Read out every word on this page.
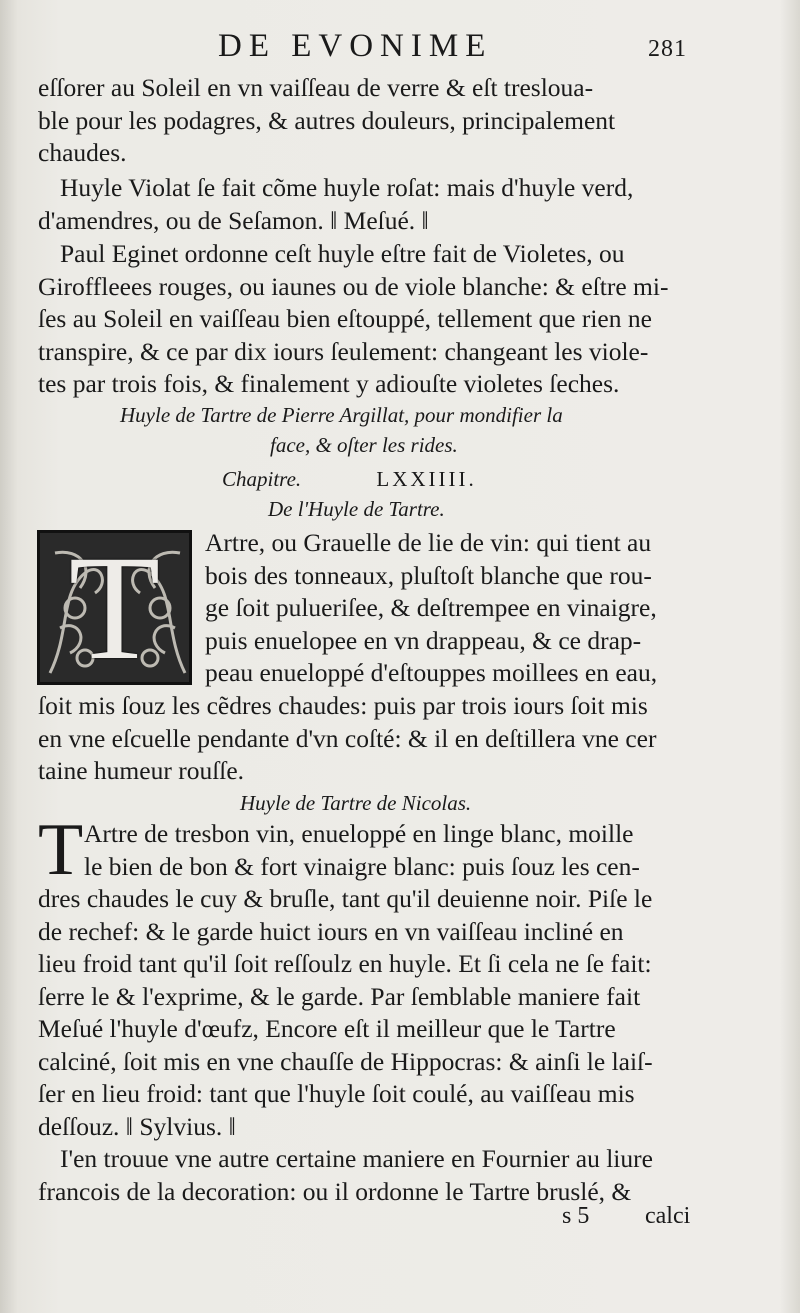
DE EVONIME	281
eſſorer au Soleil en vn vaiſſeau de verre & eſt treslouа-
ble pour les podagres, & autres douleurs, principalement
chaudes.
Huyle Violat ſe fait cõme huyle roſat: mais d'huyle verd,
d'amendres, ou de Seſamon. ‖ Meſué. ‖
Paul Eginet ordonne ceſt huyle eſtre fait de Violetes, ou
Giroffleees rouges, ou iaunes ou de viole blanche: & eſtre mi-
ſes au Soleil en vaiſſeau bien eſtouppé, tellement que rien ne
transpire, & ce par dix iours ſeulement: changeant les viole-
tes par trois fois, & finalement y adiouſte violetes ſeches.
Huyle de Tartre de Pierre Argillat, pour mondifier la
face, & oſter les rides.
Chapitre.	LXXIIII.
De l'Huyle de Tartre.
T Artre, ou Grauelle de lie de vin: qui tient au
bois des tonneaux, pluſtoſt blanche que rou-
ge ſoit pulueriſee, & deſtrempee en vinaigre,
puis enuelopee en vn drappeau, & ce drap-
peau enueloppé d'eſtouppes moillees en eau,
ſoit mis ſouz les cẽdres chaudes: puis par trois iours ſoit mis
en vne eſcuelle pendante d'vn coſté: & il en deſtillera vne cer
taine humeur rouſſe.
Huyle de Tartre de Nicolas.
T Artre de tresbon vin, enueloppé en linge blanc, moille
le bien de bon & fort vinaigre blanc: puis ſouz les cen-
dres chaudes le cuy & bruſle, tant qu'il deuienne noir. Piſe le
de rechef: & le garde huict iours en vn vaiſſeau incliné en
lieu froid tant qu'il ſoit reſſoulz en huyle. Et ſi cela ne ſe fait:
ſerre le & l'exprime, & le garde. Par ſemblable maniere fait
Meſué l'huyle d'œufz, Encore eſt il meilleur que le Tartre
calciné, ſoit mis en vne chauſſe de Hippocras: & ainſi le laiſ-
ſer en lieu froid: tant que l'huyle ſoit coulé, au vaiſſeau mis
deſſouz. ‖ Sylvius. ‖
I'en trouue vne autre certaine maniere en Fournier au liure
francois de la decoration: ou il ordonne le Tartre bruslé, &
s 5 calci
